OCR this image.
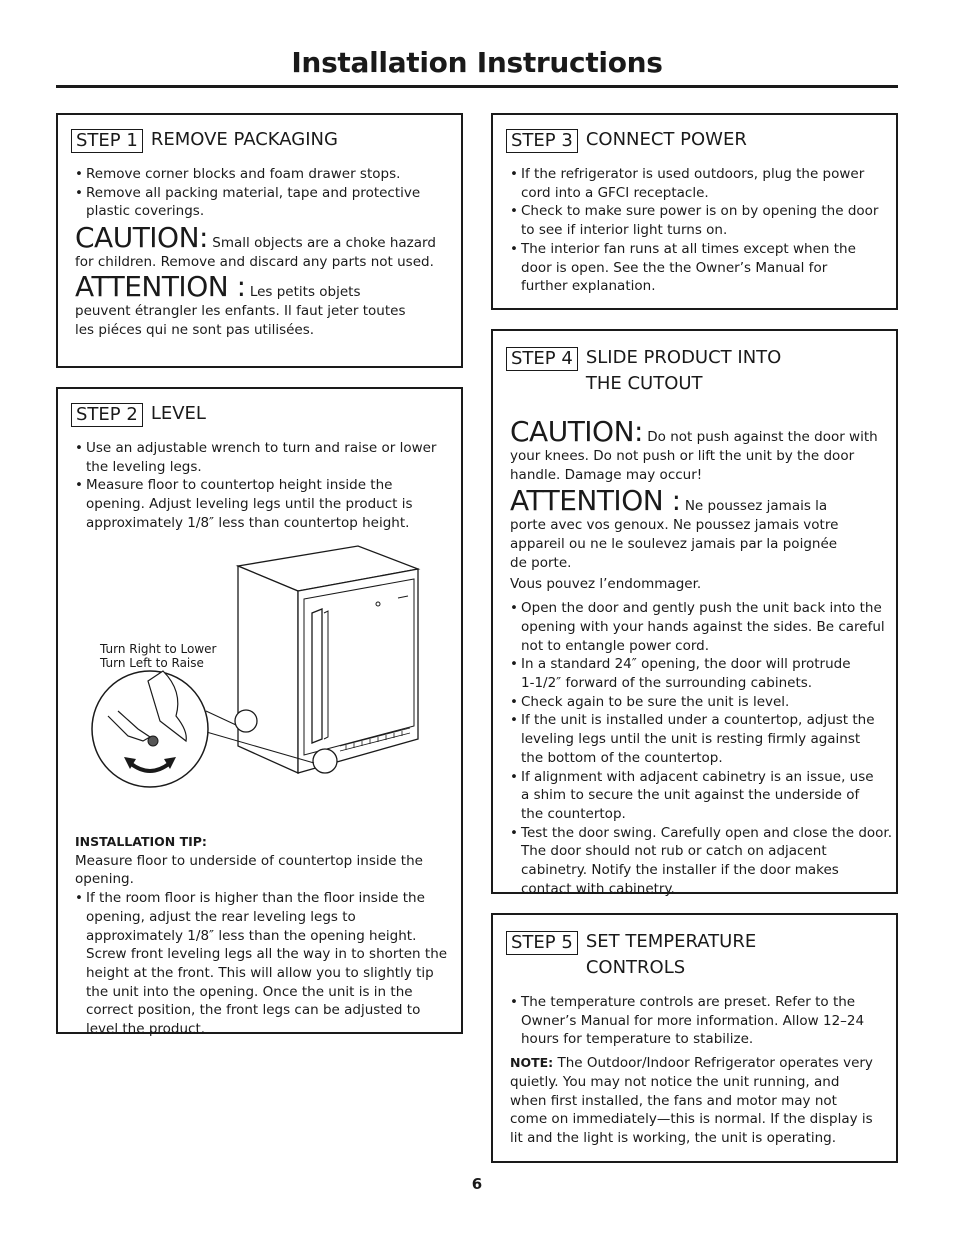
Installation Instructions
STEP 1 REMOVE PACKAGING
• Remove corner blocks and foam drawer stops.
• Remove all packing material, tape and protective plastic coverings.
CAUTION: Small objects are a choke hazard for children. Remove and discard any parts not used.
ATTENTION : Les petits objets peuvent étrangler les enfants. Il faut jeter toutes les piéces qui ne sont pas utilisées.
STEP 2 LEVEL
• Use an adjustable wrench to turn and raise or lower the leveling legs.
• Measure floor to countertop height inside the opening. Adjust leveling legs until the product is approximately 1/8″ less than countertop height.
Turn Right to Lower
Turn Left to Raise
INSTALLATION TIP:
Measure floor to underside of countertop inside the opening.
• If the room floor is higher than the floor inside the opening, adjust the rear leveling legs to approximately 1/8″ less than the opening height. Screw front leveling legs all the way in to shorten the height at the front. This will allow you to slightly tip the unit into the opening. Once the unit is in the correct position, the front legs can be adjusted to level the product.
STEP 3 CONNECT POWER
• If the refrigerator is used outdoors, plug the power cord into a GFCI receptacle.
• Check to make sure power is on by opening the door to see if interior light turns on.
• The interior fan runs at all times except when the door is open. See the the Owner’s Manual for further explanation.
STEP 4 SLIDE PRODUCT INTO
THE CUTOUT
CAUTION: Do not push against the door with your knees. Do not push or lift the unit by the door handle. Damage may occur!
ATTENTION : Ne poussez jamais la porte avec vos genoux. Ne poussez jamais votre appareil ou ne le soulevez jamais par la poignée de porte.
Vous pouvez l’endommager.
• Open the door and gently push the unit back into the opening with your hands against the sides. Be careful not to entangle power cord.
• In a standard 24″ opening, the door will protrude 1-1/2″ forward of the surrounding cabinets.
• Check again to be sure the unit is level.
• If the unit is installed under a countertop, adjust the leveling legs until the unit is resting firmly against the bottom of the countertop.
• If alignment with adjacent cabinetry is an issue, use a shim to secure the unit against the underside of the countertop.
• Test the door swing. Carefully open and close the door. The door should not rub or catch on adjacent cabinetry. Notify the installer if the door makes contact with cabinetry.
STEP 5 SET TEMPERATURE
CONTROLS
• The temperature controls are preset. Refer to the Owner’s Manual for more information. Allow 12–24 hours for temperature to stabilize.
NOTE: The Outdoor/Indoor Refrigerator operates very quietly. You may not notice the unit running, and when first installed, the fans and motor may not come on immediately—this is normal. If the display is lit and the light is working, the unit is operating.
6
